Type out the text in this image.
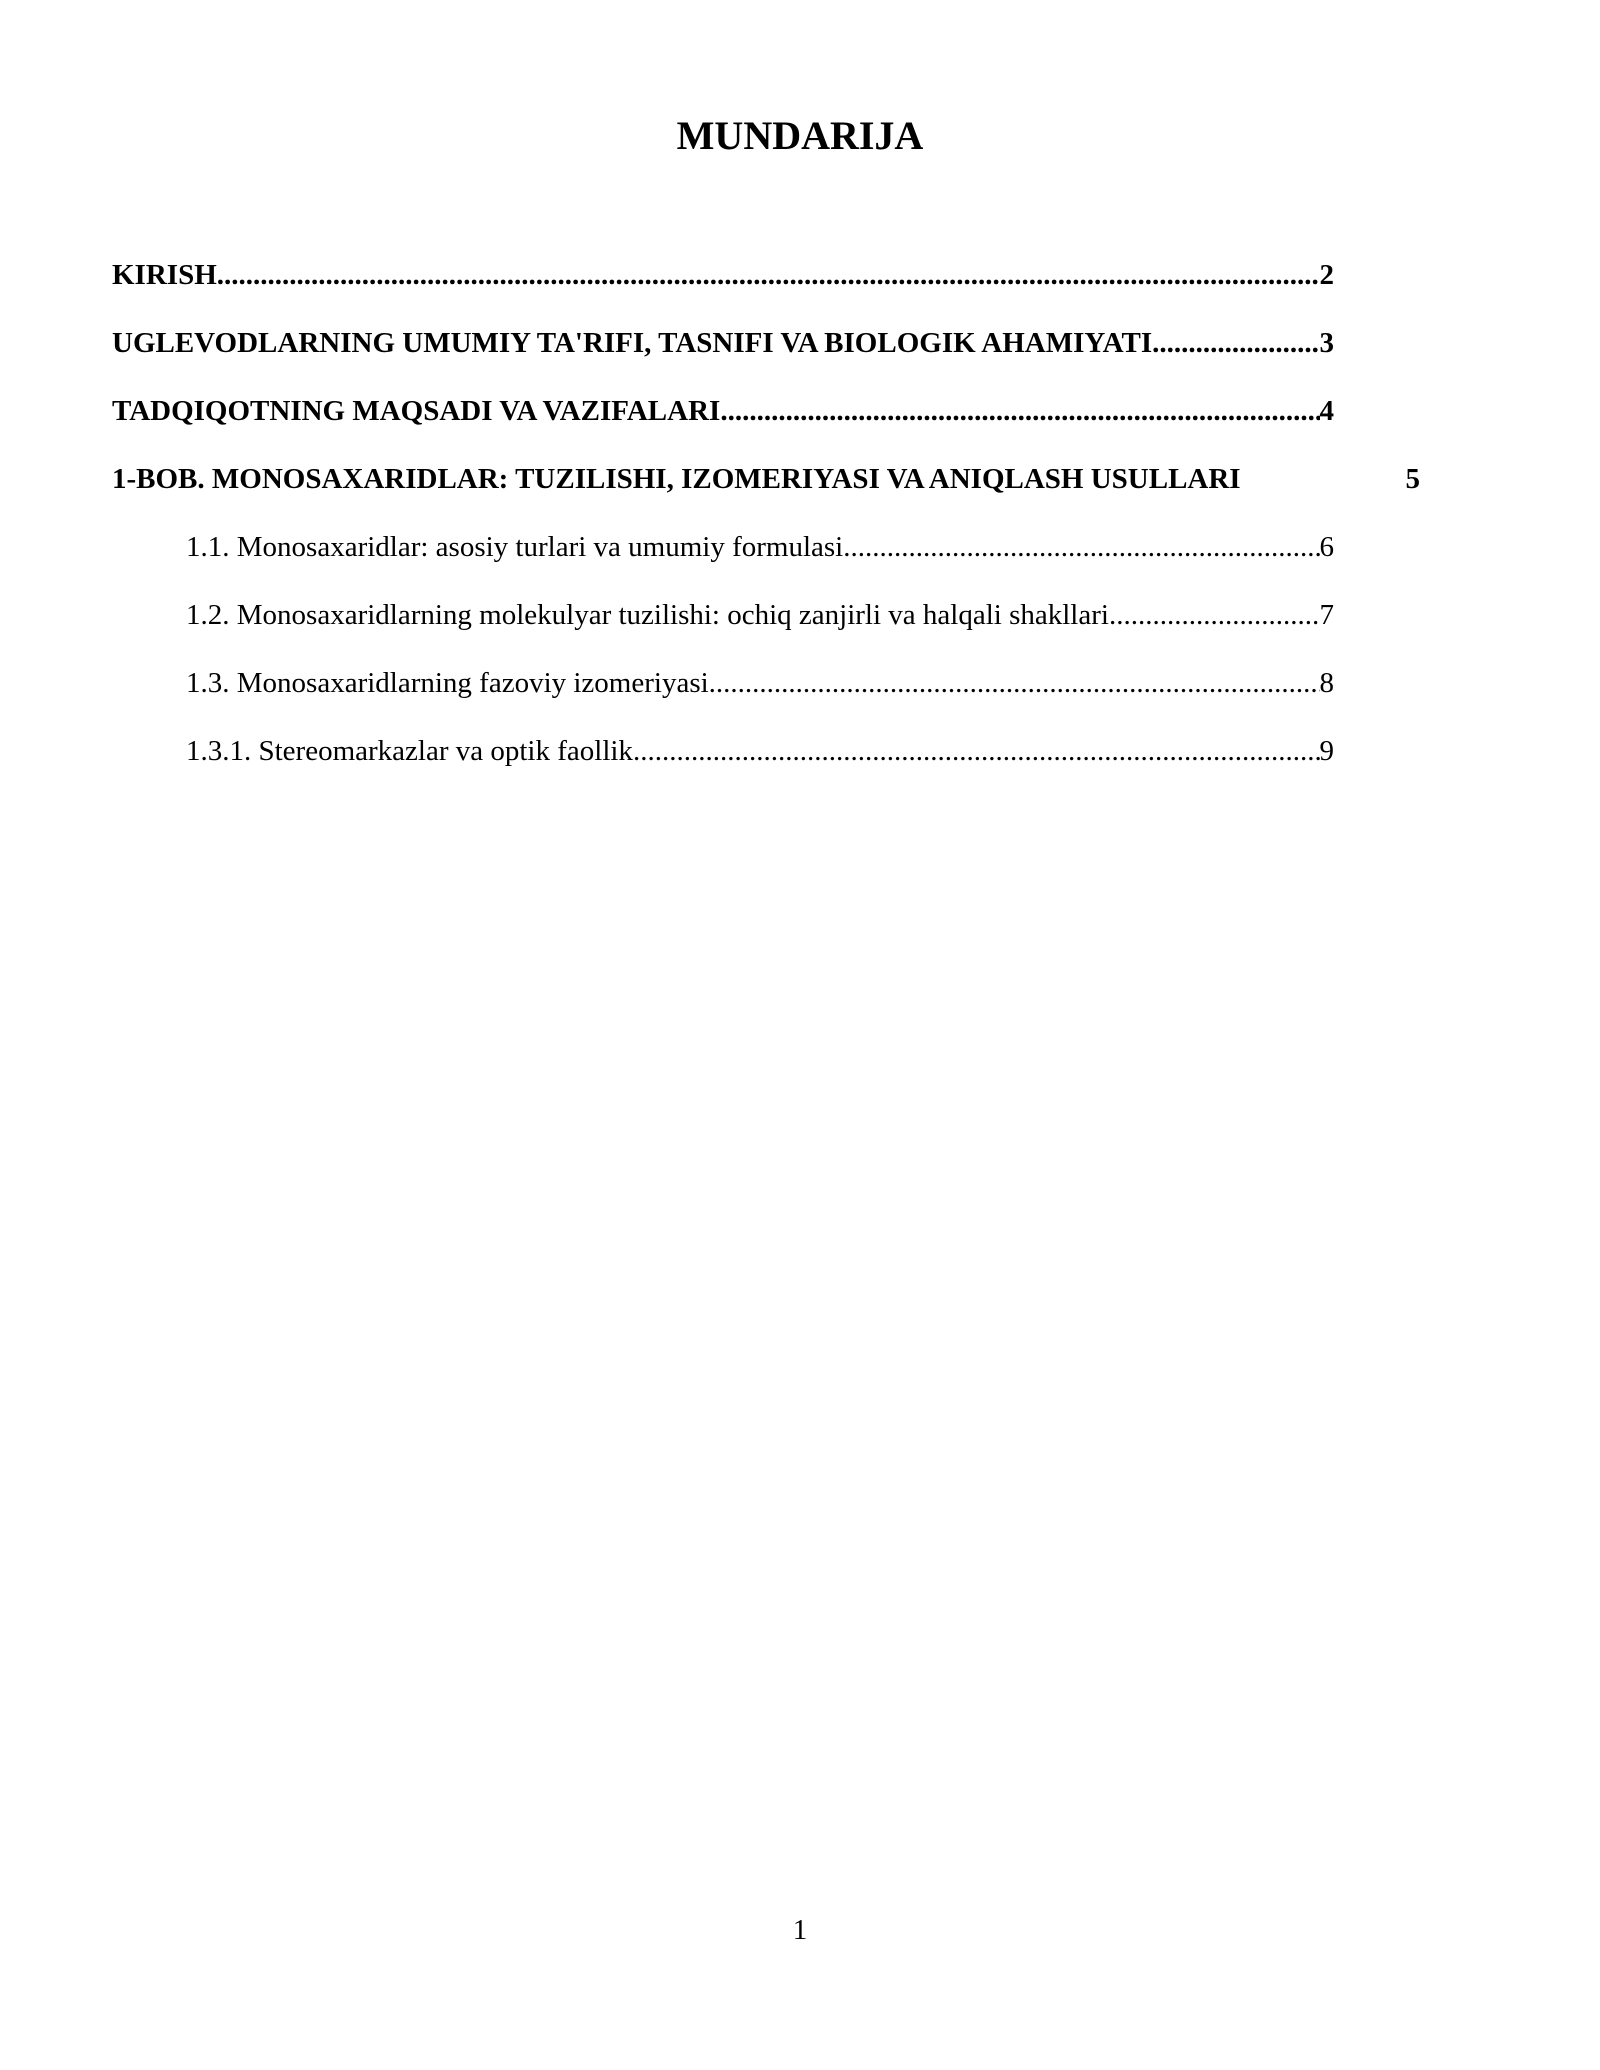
MUNDARIJA
KIRISH .....	2
UGLEVODLARNING UMUMIY TA'RIFI, TASNIFI VA BIOLOGIK AHAMIYATI .....	3
TADQIQOTNING MAQSADI VA VAZIFALARI .....	4
1-BOB. MONOSAXARIDLAR: TUZILISHI, IZOMERIYASI VA ANIQLASH USULLARI	5
1.1. Monosaxaridlar: asosiy turlari va umumiy formulasi .....	6
1.2. Monosaxaridlarning molekulyar tuzilishi: ochiq zanjirli va halqali shakllari .....	7
1.3. Monosaxaridlarning fazoviy izomeriyasi .....	8
1.3.1. Stereomarkazlar va optik faollik .....	9
1
